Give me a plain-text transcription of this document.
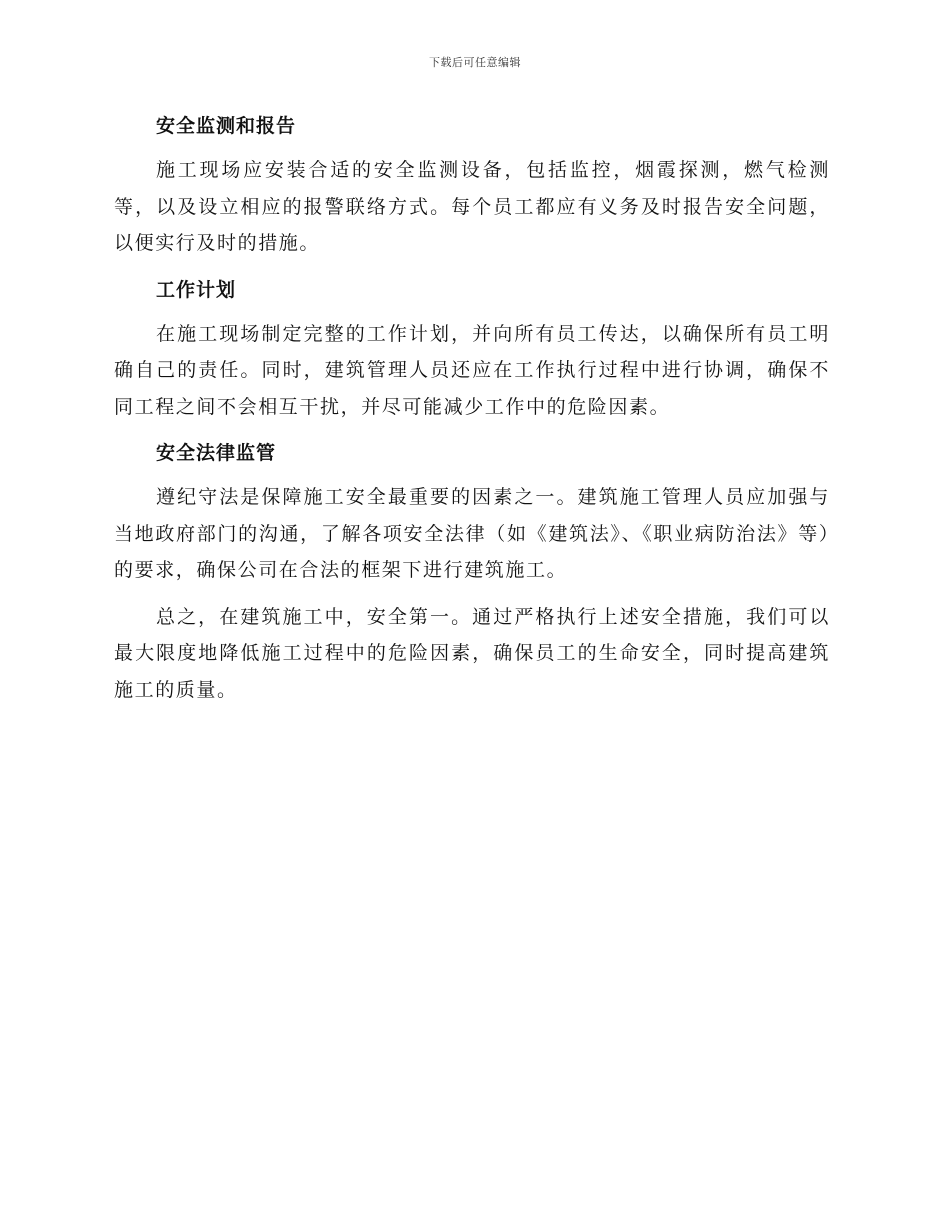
下载后可任意编辑
安全监测和报告

施工现场应安装合适的安全监测设备，包括监控，烟霞探测，燃气检测等，以及设立相应的报警联络方式。每个员工都应有义务及时报告安全问题，以便实行及时的措施。

工作计划

在施工现场制定完整的工作计划，并向所有员工传达，以确保所有员工明确自己的责任。同时，建筑管理人员还应在工作执行过程中进行协调，确保不同工程之间不会相互干扰，并尽可能减少工作中的危险因素。

安全法律监管

遵纪守法是保障施工安全最重要的因素之一。建筑施工管理人员应加强与当地政府部门的沟通，了解各项安全法律（如《建筑法》、《职业病防治法》等）的要求，确保公司在合法的框架下进行建筑施工。

总之，在建筑施工中，安全第一。通过严格执行上述安全措施，我们可以最大限度地降低施工过程中的危险因素，确保员工的生命安全，同时提高建筑施工的质量。
